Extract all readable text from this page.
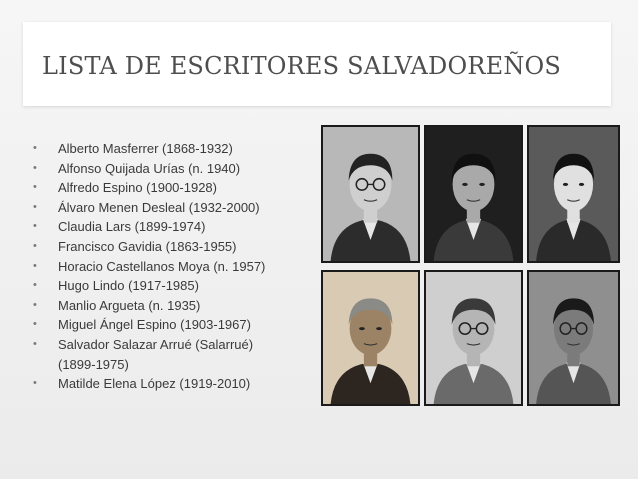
LISTA DE ESCRITORES SALVADOREÑOS
• Alberto Masferrer (1868-1932)
• Alfonso Quijada Urías (n. 1940)
• Alfredo Espino (1900-1928)
• Álvaro Menen Desleal (1932-2000)
• Claudia Lars (1899-1974)
• Francisco Gavidia (1863-1955)
• Horacio Castellanos Moya (n. 1957)
• Hugo Lindo (1917-1985)
• Manlio Argueta (n. 1935)
• Miguel Ángel Espino (1903-1967)
• Salvador Salazar Arrué (Salarrué)
(1899-1975)
• Matilde Elena López (1919-2010)
